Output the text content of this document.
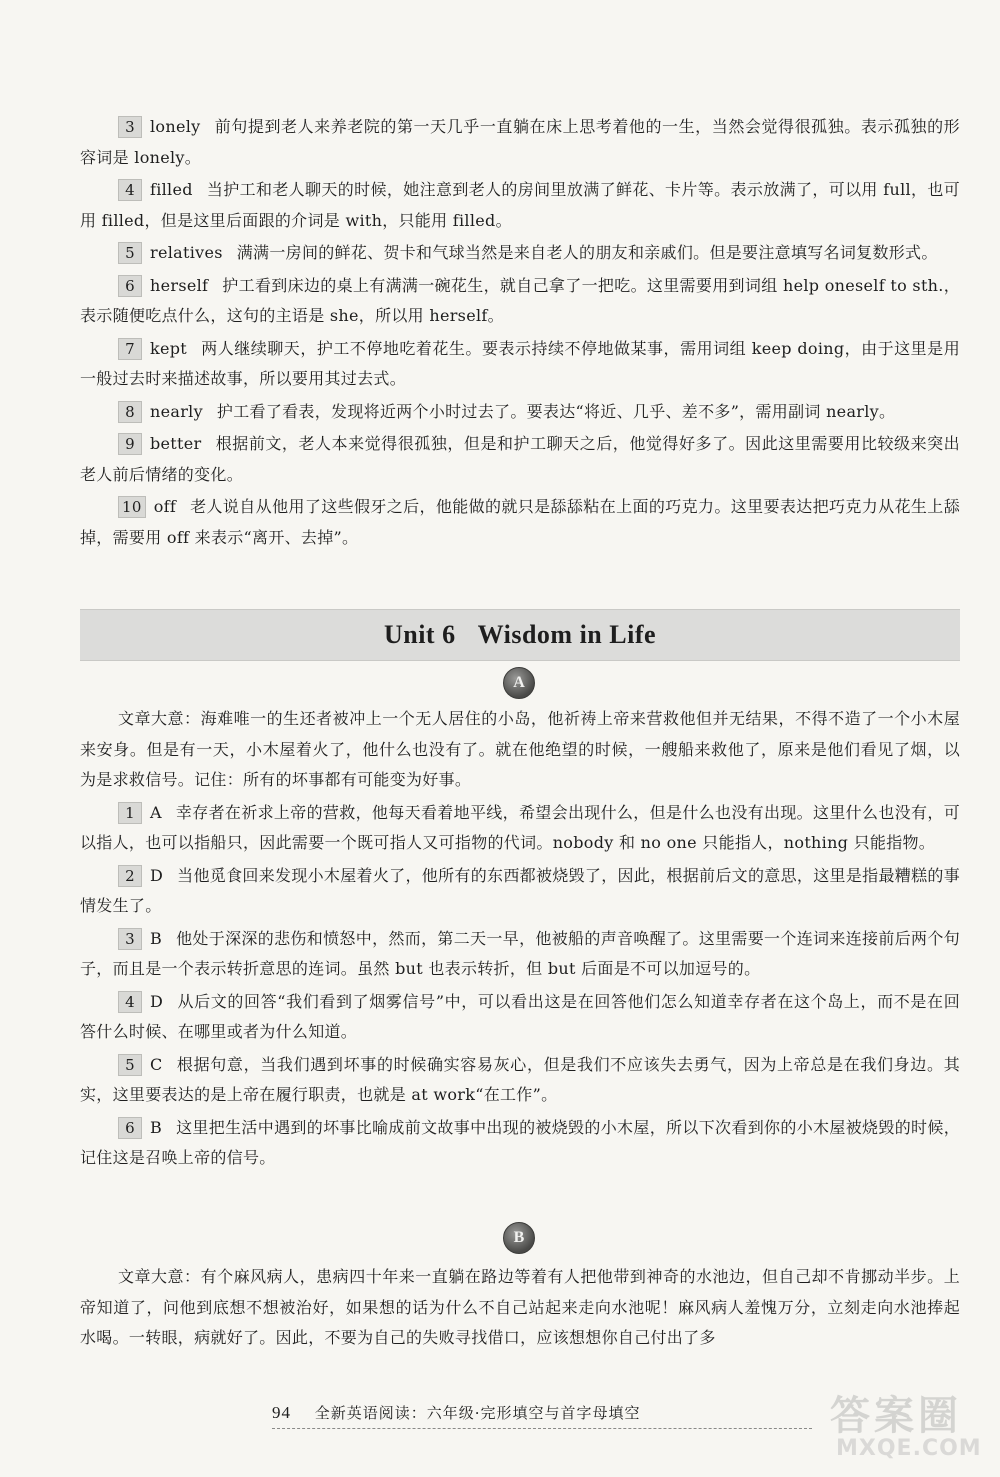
3 lonely 前句提到老人来养老院的第一天几乎一直躺在床上思考着他的一生，当然会觉得很孤独。表示孤独的形容词是 lonely。

4 filled 当护工和老人聊天的时候，她注意到老人的房间里放满了鲜花、卡片等。表示放满了，可以用 full，也可用 filled，但是这里后面跟的介词是 with，只能用 filled。

5 relatives 满满一房间的鲜花、贺卡和气球当然是来自老人的朋友和亲戚们。但是要注意填写名词复数形式。

6 herself 护工看到床边的桌上有满满一碗花生，就自己拿了一把吃。这里需要用到词组 help oneself to sth.，表示随便吃点什么，这句的主语是 she，所以用 herself。

7 kept 两人继续聊天，护工不停地吃着花生。要表示持续不停地做某事，需用词组 keep doing，由于这里是用一般过去时来描述故事，所以要用其过去式。

8 nearly 护工看了看表，发现将近两个小时过去了。要表达“将近、几乎、差不多”，需用副词 nearly。

9 better 根据前文，老人本来觉得很孤独，但是和护工聊天之后，他觉得好多了。因此这里需要用比较级来突出老人前后情绪的变化。

10 off 老人说自从他用了这些假牙之后，他能做的就只是舔舔粘在上面的巧克力。这里要表达把巧克力从花生上舔掉，需要用 off 来表示“离开、去掉”。

Unit 6 Wisdom in Life
A

文章大意：海难唯一的生还者被冲上一个无人居住的小岛，他祈祷上帝来营救他但并无结果，不得不造了一个小木屋来安身。但是有一天，小木屋着火了，他什么也没有了。就在他绝望的时候，一艘船来救他了，原来是他们看见了烟，以为是求救信号。记住：所有的坏事都有可能变为好事。

1 A 幸存者在祈求上帝的营救，他每天看着地平线，希望会出现什么，但是什么也没有出现。这里什么也没有，可以指人，也可以指船只，因此需要一个既可指人又可指物的代词。nobody 和 no one 只能指人，nothing 只能指物。

2 D 当他觅食回来发现小木屋着火了，他所有的东西都被烧毁了，因此，根据前后文的意思，这里是指最糟糕的事情发生了。

3 B 他处于深深的悲伤和愤怒中，然而，第二天一早，他被船的声音唤醒了。这里需要一个连词来连接前后两个句子，而且是一个表示转折意思的连词。虽然 but 也表示转折，但 but 后面是不可以加逗号的。

4 D 从后文的回答“我们看到了烟雾信号”中，可以看出这是在回答他们怎么知道幸存者在这个岛上，而不是在回答什么时候、在哪里或者为什么知道。

5 C 根据句意，当我们遇到坏事的时候确实容易灰心，但是我们不应该失去勇气，因为上帝总是在我们身边。其实，这里要表达的是上帝在履行职责，也就是 at work“在工作”。

6 B 这里把生活中遇到的坏事比喻成前文故事中出现的被烧毁的小木屋，所以下次看到你的小木屋被烧毁的时候，记住这是召唤上帝的信号。

B

文章大意：有个麻风病人，患病四十年来一直躺在路边等着有人把他带到神奇的水池边，但自己却不肯挪动半步。上帝知道了，问他到底想不想被治好，如果想的话为什么不自己站起来走向水池呢！麻风病人羞愧万分，立刻走向水池捧起水喝。一转眼，病就好了。因此，不要为自己的失败寻找借口，应该想想你自己付出了多

94 全新英语阅读：六年级·完形填空与首字母填空	答案圈
MXQE.COM
